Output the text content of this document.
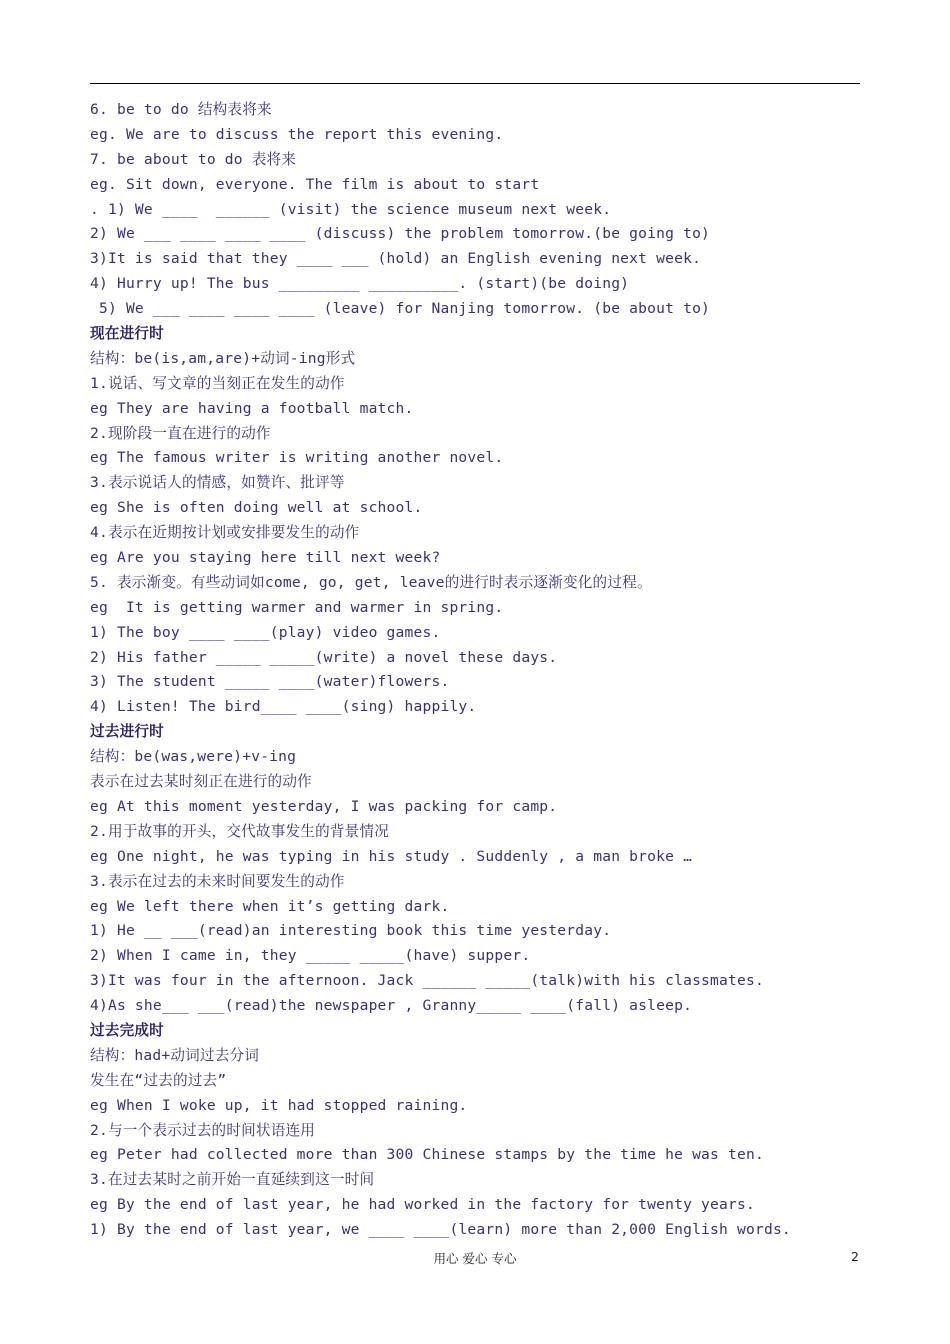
6. be to do 结构表将来
eg. We are to discuss the report this evening.
7. be about to do 表将来
eg. Sit down, everyone. The film is about to start
. 1) We ____  ______ (visit) the science museum next week.
2) We ___ ____ ____ ____ (discuss) the problem tomorrow.(be going to)
3)It is said that they ____ ___ (hold) an English evening next week.
4) Hurry up! The bus _________ __________. (start)(be doing)
5) We ___ ____ ____ ____ (leave) for Nanjing tomorrow. (be about to)
现在进行时
结构：be(is,am,are)+动词-ing形式
1.说话、写文章的当刻正在发生的动作
eg They are having a football match.
2.现阶段一直在进行的动作
eg The famous writer is writing another novel.
3.表示说话人的情感，如赞许、批评等
eg She is often doing well at school.
4.表示在近期按计划或安排要发生的动作
eg Are you staying here till next week?
5. 表示渐变。有些动词如come, go, get, leave的进行时表示逐渐变化的过程。
eg  It is getting warmer and warmer in spring.
1) The boy ____ ____(play) video games.
2) His father _____ _____(write) a novel these days.
3) The student _____ ____(water)flowers.
4) Listen! The bird____ ____(sing) happily.
过去进行时
结构：be(was,were)+v-ing
表示在过去某时刻正在进行的动作
eg At this moment yesterday, I was packing for camp.
2.用于故事的开头，交代故事发生的背景情况
eg One night, he was typing in his study . Suddenly , a man broke …
3.表示在过去的未来时间要发生的动作
eg We left there when it’s getting dark.
1) He __ ___(read)an interesting book this time yesterday.
2) When I came in, they _____ _____(have) supper.
3)It was four in the afternoon. Jack ______ _____(talk)with his classmates.
4)As she___ ___(read)the newspaper , Granny_____ ____(fall) asleep.
过去完成时
结构：had+动词过去分词
发生在“过去的过去”
eg When I woke up, it had stopped raining.
2.与一个表示过去的时间状语连用
eg Peter had collected more than 300 Chinese stamps by the time he was ten.
3.在过去某时之前开始一直延续到这一时间
eg By the end of last year, he had worked in the factory for twenty years.
1) By the end of last year, we ____ ____(learn) more than 2,000 English words.
用心 爱心 专心	2
